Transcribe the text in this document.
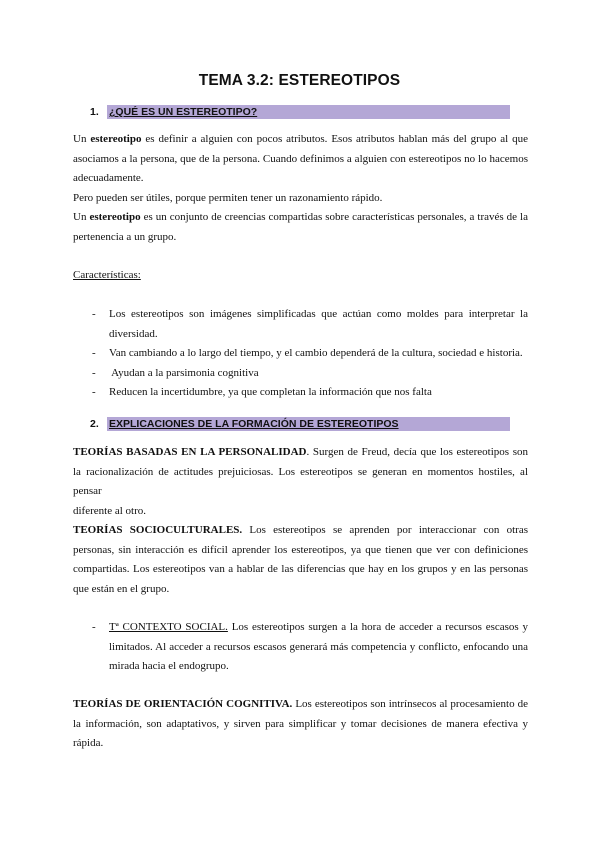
TEMA 3.2: ESTEREOTIPOS
1. ¿QUÉ ES UN ESTEREOTIPO?
Un estereotipo es definir a alguien con pocos atributos. Esos atributos hablan más del grupo al que
asociamos a la persona, que de la persona. Cuando definimos a alguien con estereotipos no lo hacemos
adecuadamente.
Pero pueden ser útiles, porque permiten tener un razonamiento rápido.
Un estereotipo es un conjunto de creencias compartidas sobre características personales, a través de la
pertenencia a un grupo.
Características:
- Los estereotipos son imágenes simplificadas que actúan como moldes para interpretar la
diversidad.
- Van cambiando a lo largo del tiempo, y el cambio dependerá de la cultura, sociedad e historia.
- Ayudan a la parsimonia cognitiva
- Reducen la incertidumbre, ya que completan la información que nos falta
2. EXPLICACIONES DE LA FORMACIÓN DE ESTEREOTIPOS
TEORÍAS BASADAS EN LA PERSONALIDAD. Surgen de Freud, decía que los estereotipos son
la racionalización de actitudes prejuiciosas. Los estereotipos se generan en momentos hostiles, al pensar
diferente al otro.
TEORÍAS SOCIOCULTURALES. Los estereotipos se aprenden por interaccionar con otras
personas, sin interacción es difícil aprender los estereotipos, ya que tienen que ver con definiciones
compartidas. Los estereotipos van a hablar de las diferencias que hay en los grupos y en las personas
que están en el grupo.
- Tª CONTEXTO SOCIAL. Los estereotipos surgen a la hora de acceder a recursos escasos y
limitados. Al acceder a recursos escasos generará más competencia y conflicto, enfocando una
mirada hacia el endogrupo.
TEORÍAS DE ORIENTACIÓN COGNITIVA. Los estereotipos son intrínsecos al procesamiento de
la información, son adaptativos, y sirven para simplificar y tomar decisiones de manera efectiva y
rápida.
